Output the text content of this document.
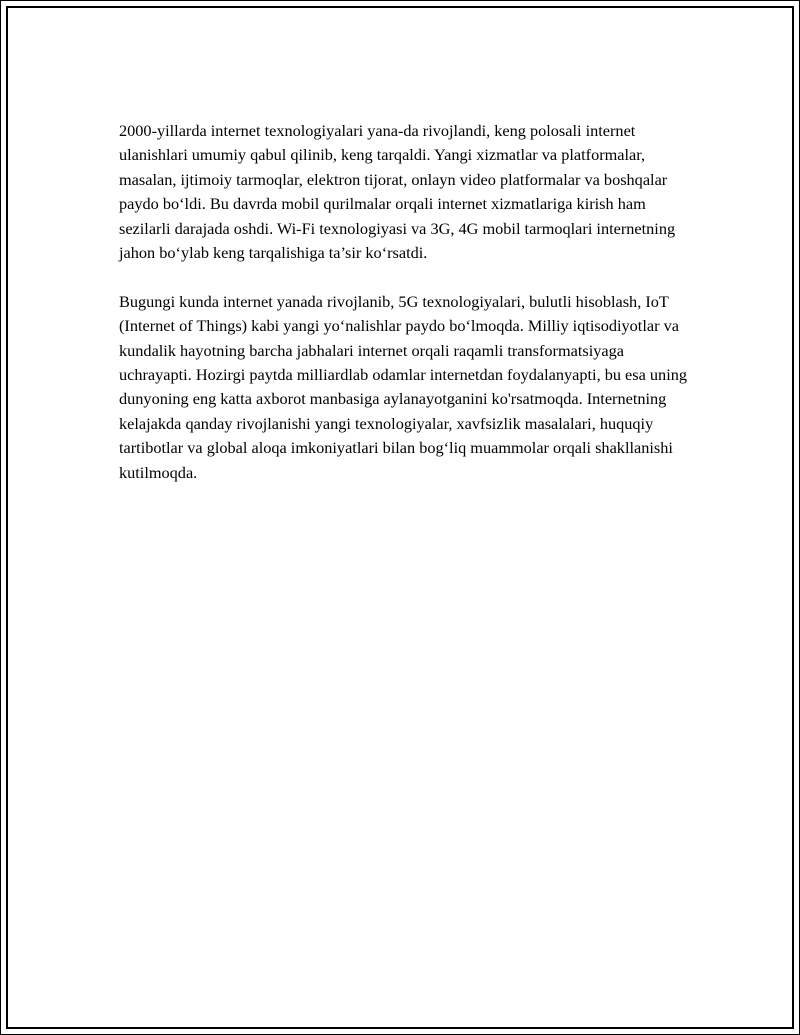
2000-yillarda internet texnologiyalari yana-da rivojlandi, keng polosali internet ulanishlari umumiy qabul qilinib, keng tarqaldi. Yangi xizmatlar va platformalar, masalan, ijtimoiy tarmoqlar, elektron tijorat, onlayn video platformalar va boshqalar paydo bo‘ldi. Bu davrda mobil qurilmalar orqali internet xizmatlariga kirish ham sezilarli darajada oshdi. Wi-Fi texnologiyasi va 3G, 4G mobil tarmoqlari internetning jahon bo‘ylab keng tarqalishiga ta’sir ko‘rsatdi.

Bugungi kunda internet yanada rivojlanib, 5G texnologiyalari, bulutli hisoblash, IoT (Internet of Things) kabi yangi yo‘nalishlar paydo bo‘lmoqda. Milliy iqtisodiyotlar va kundalik hayotning barcha jabhalari internet orqali raqamli transformatsiyaga uchrayapti. Hozirgi paytda milliardlab odamlar internetdan foydalanyapti, bu esa uning dunyoning eng katta axborot manbasiga aylanayotganini ko'rsatmoqda. Internetning kelajakda qanday rivojlanishi yangi texnologiyalar, xavfsizlik masalalari, huquqiy tartibotlar va global aloqa imkoniyatlari bilan bog‘liq muammolar orqali shakllanishi kutilmoqda.
